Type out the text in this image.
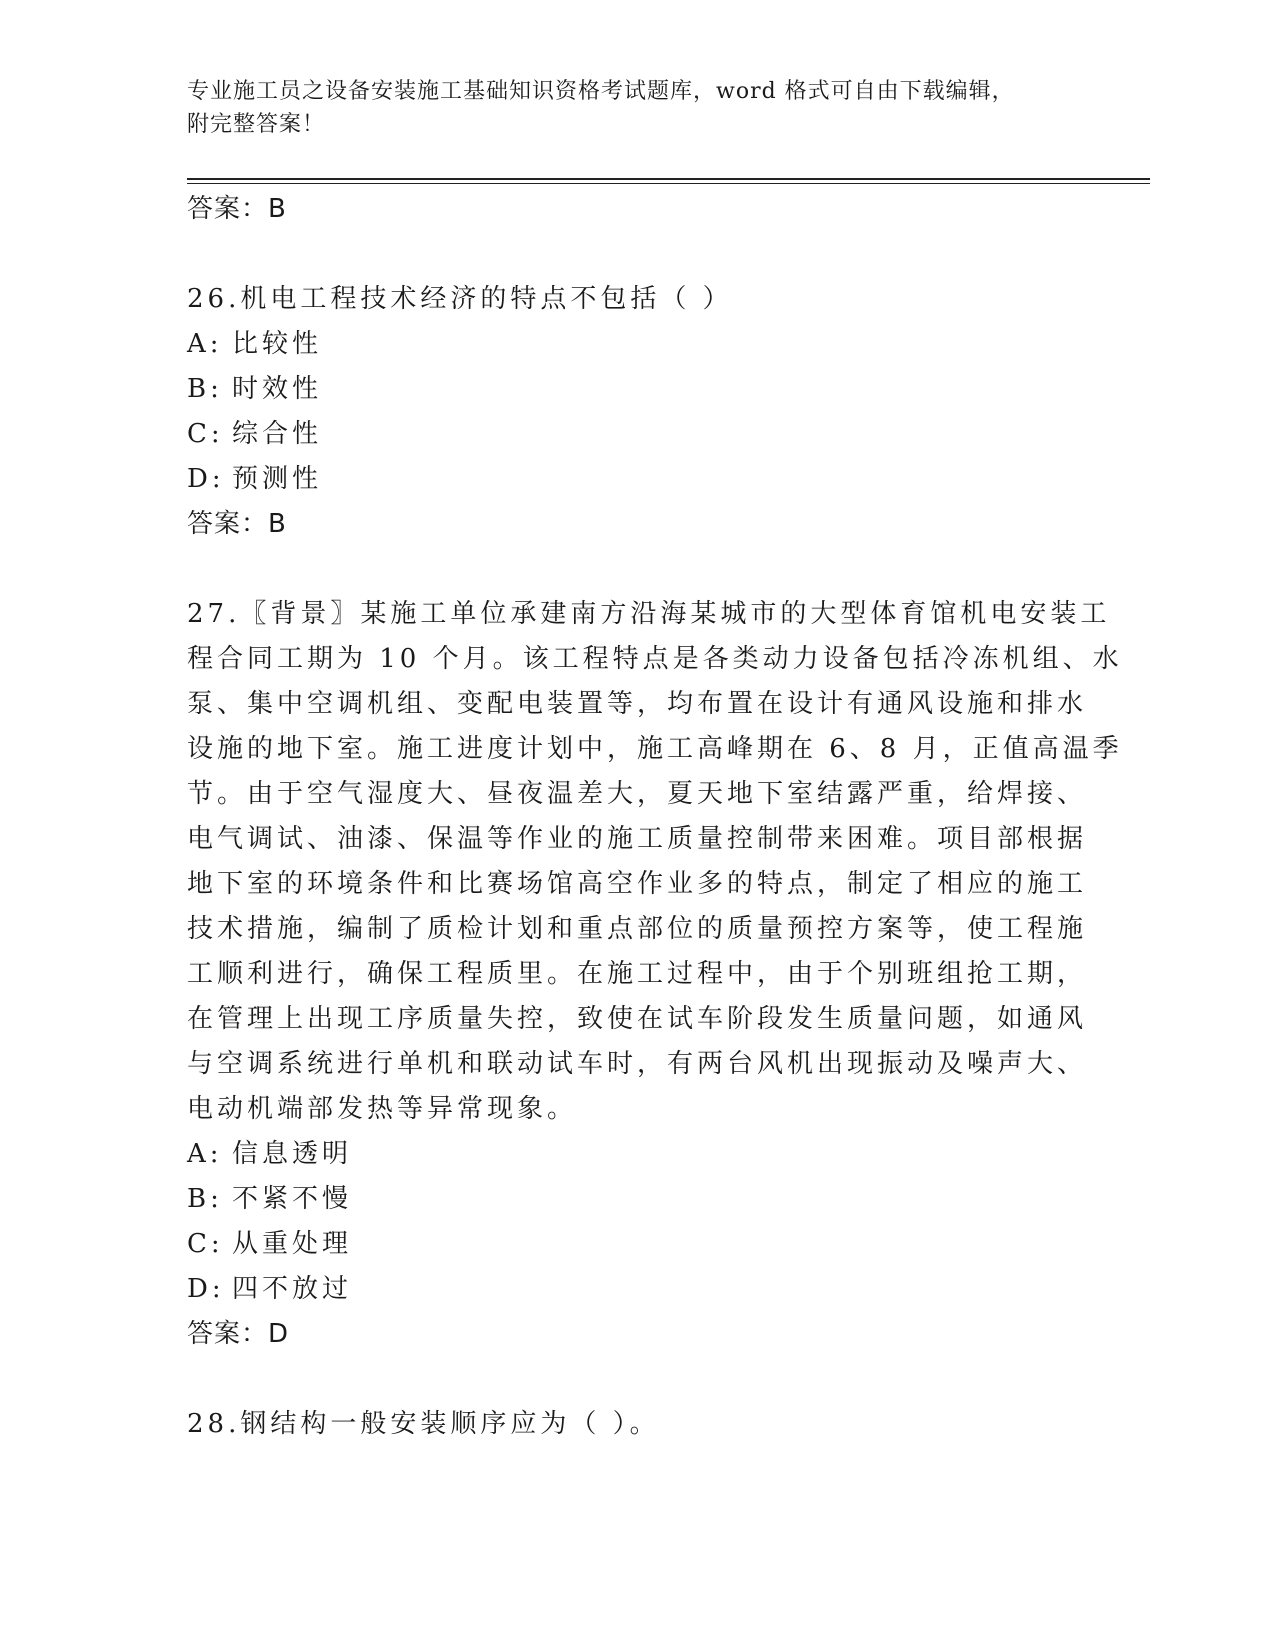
专业施工员之设备安装施工基础知识资格考试题库，word 格式可自由下载编辑，
附完整答案！
答案：B
26.机电工程技术经济的特点不包括（ ）
A: 比较性
B: 时效性
C: 综合性
D: 预测性
答案：B
27.〖背景〗某施工单位承建南方沿海某城市的大型体育馆机电安装工
程合同工期为 10 个月。该工程特点是各类动力设备包括冷冻机组、水
泵、集中空调机组、变配电装置等，均布置在设计有通风设施和排水
设施的地下室。施工进度计划中，施工高峰期在 6、8 月，正值高温季
节。由于空气湿度大、昼夜温差大，夏天地下室结露严重，给焊接、
电气调试、油漆、保温等作业的施工质量控制带来困难。项目部根据
地下室的环境条件和比赛场馆高空作业多的特点，制定了相应的施工
技术措施，编制了质检计划和重点部位的质量预控方案等，使工程施
工顺利进行，确保工程质里。在施工过程中，由于个别班组抢工期，
在管理上出现工序质量失控，致使在试车阶段发生质量问题，如通风
与空调系统进行单机和联动试车时，有两台风机出现振动及噪声大、
电动机端部发热等异常现象。
A: 信息透明
B: 不紧不慢
C: 从重处理
D: 四不放过
答案：D
28.钢结构一般安装顺序应为（ ）。
